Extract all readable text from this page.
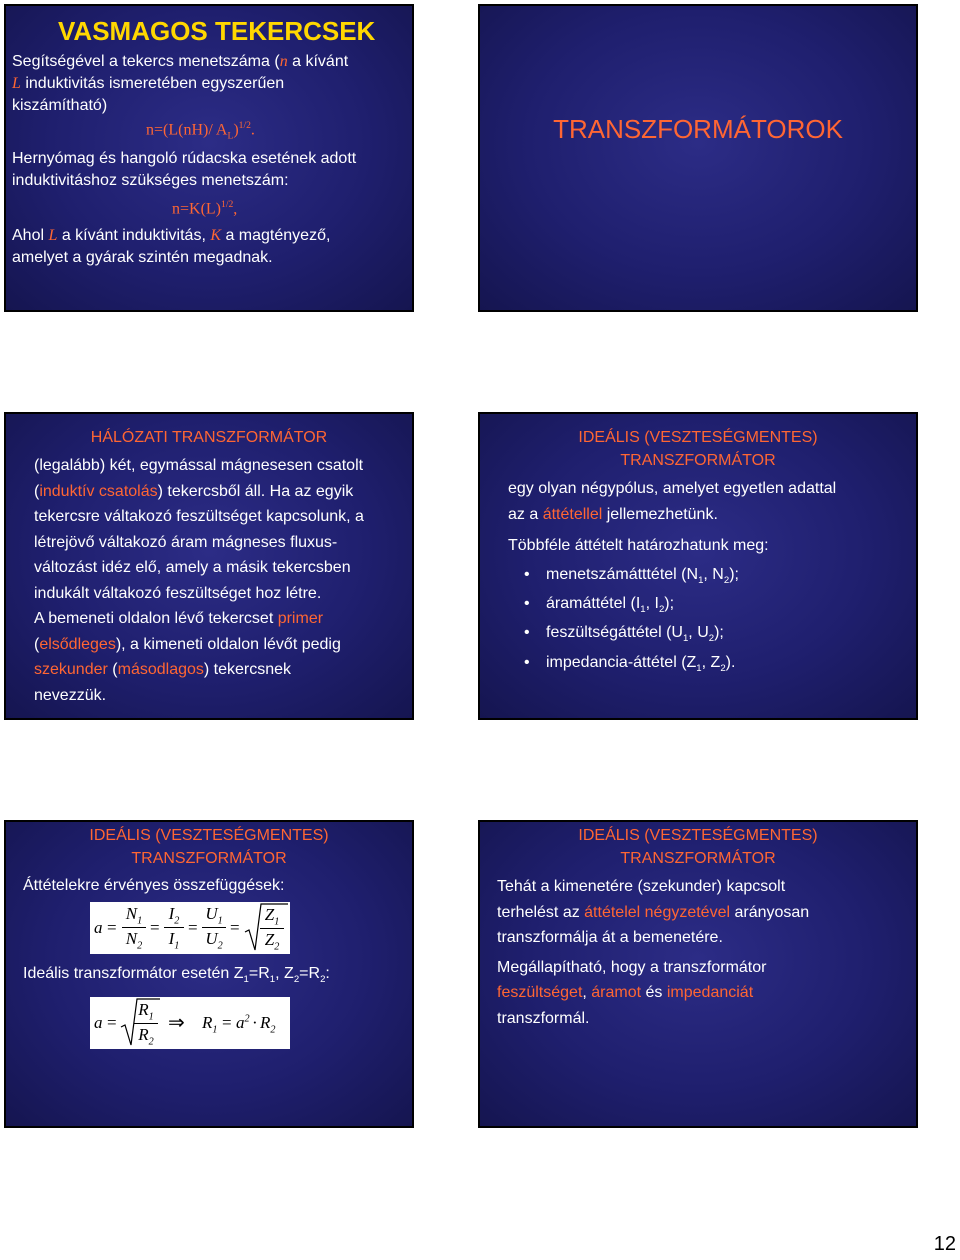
VASMAGOS TEKERCSEK
Segítségével a tekercs menetszáma (n a kívánt
L induktivitás ismeretében egyszerűen
kiszámítható)
n=(L(nH)/ $A_L)^{1/2}$.
Hernyómag és hangoló rúdacska esetének adott
induktivitáshoz szükséges menetszám:
$n=K(L)^{1/2}$,
Ahol L a kívánt induktivitás, K a magtényező,
amelyet a gyárak szintén megadnak.
TRANSZFORMÁTOROK
HÁLÓZATI TRANSZFORMÁTOR
(legalább) két, egymással mágnesesen csatolt
(induktív csatolás) tekercsből áll. Ha az egyik
tekercsre váltakozó feszültséget kapcsolunk, a
létrejövő váltakozó áram mágneses fluxus-
változást idéz elő, amely a másik tekercsben
indukált váltakozó feszültséget hoz létre.
A bemeneti oldalon lévő tekercset primer
(elsődleges), a kimeneti oldalon lévőt pedig
szekunder (másodlagos) tekercsnek
nevezzük.
IDEÁLIS (VESZTESÉGMENTES)
TRANSZFORMÁTOR
egy olyan négypólus, amelyet egyetlen adattal
az a áttétellel jellemezhetünk.
Többféle áttételt határozhatunk meg:
• menetszámátttétel ($N_1$, $N_2$);
• áramáttétel ($I_1$, $I_2$);
• feszültségáttétel ($U_1$, $U_2$);
• impedancia-áttétel ($Z_1$, $Z_2$).
IDEÁLIS (VESZTESÉGMENTES)
TRANSZFORMÁTOR
Áttételekre érvényes összefüggések:
a =
$N_1$
$N_2$
=
$I_2$
$I_1$
=
$U_1$
$U_2$
=
$Z_1$
$Z_2$
Ideális transzformátor esetén $Z_1=R_1$, $Z_2=R_2$:
a =
$R_1$
$R_2$
⇒ $R_1 = a^2 \cdot R_2$
IDEÁLIS (VESZTESÉGMENTES)
TRANSZFORMÁTOR
Tehát a kimenetére (szekunder) kapcsolt
terhelést az áttételel négyzetével arányosan
transzformálja át a bemenetére.
Megállapítható, hogy a transzformátor
feszültséget, áramot és impedanciát
transzformál.
12
